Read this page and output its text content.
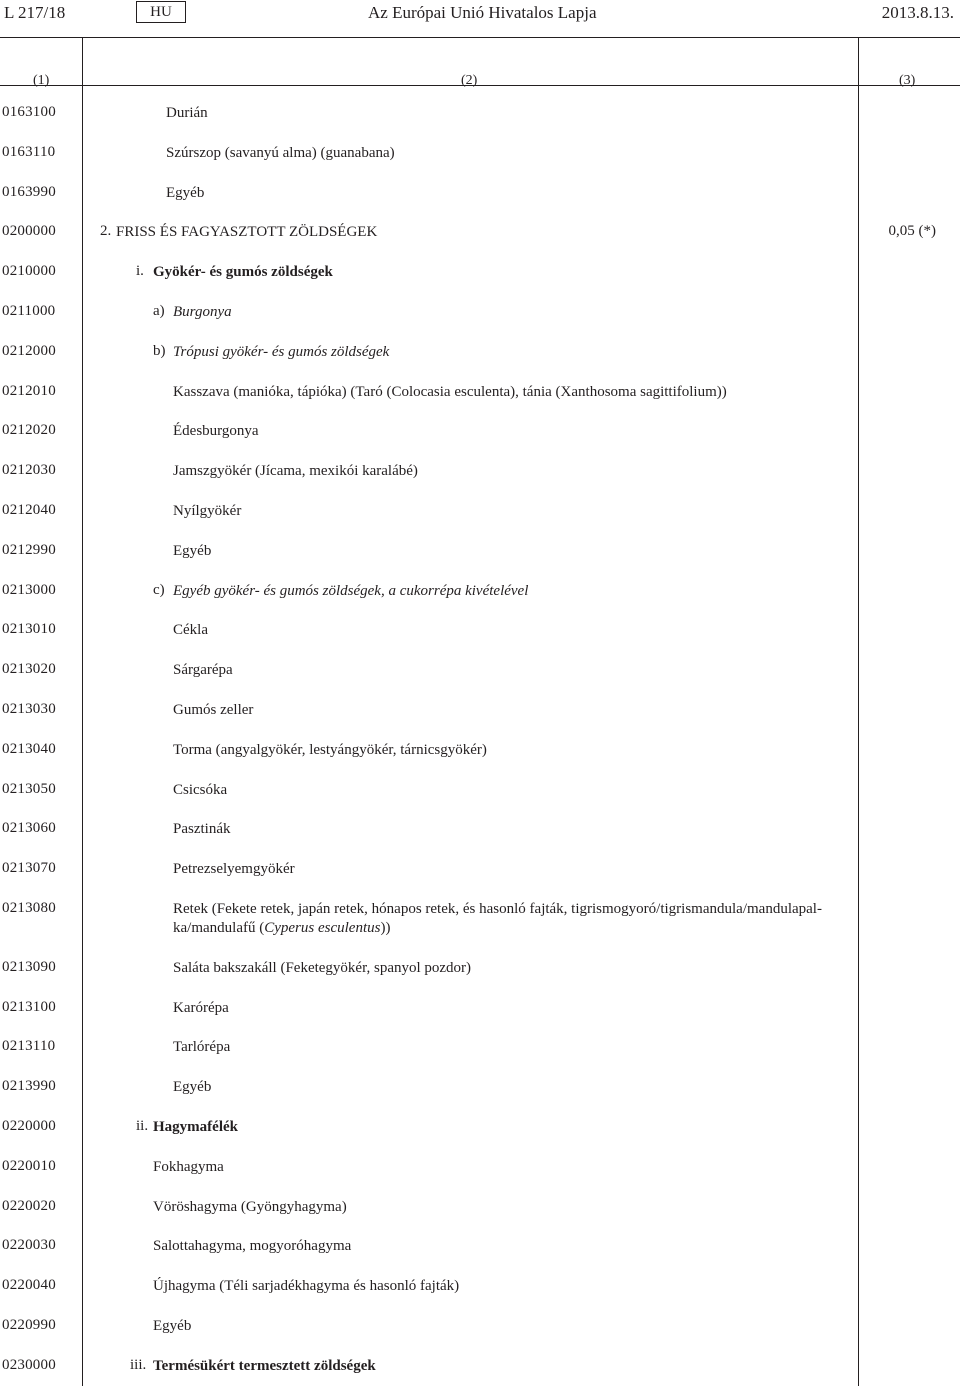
L 217/18	HU	Az Európai Unió Hivatalos Lapja	2013.8.13.
(1)	(2)	(3)
0163100	Durián
0163110	Szúrszop (savanyú alma) (guanabana)
0163990	Egyéb
0200000	2. FRISS ÉS FAGYASZTOTT ZÖLDSÉGEK	0,05 (*)
0210000	i. Gyökér- és gumós zöldségek
0211000	a) Burgonya
0212000	b) Trópusi gyökér- és gumós zöldségek
0212010	Kasszava (manióka, tápióka) (Taró (Colocasia esculenta), tánia (Xanthosoma sagittifolium))
0212020	Édesburgonya
0212030	Jamszgyökér (Jícama, mexikói karalábé)
0212040	Nyílgyökér
0212990	Egyéb
0213000	c) Egyéb gyökér- és gumós zöldségek, a cukorrépa kivételével
0213010	Cékla
0213020	Sárgarépa
0213030	Gumós zeller
0213040	Torma (angyalgyökér, lestyángyökér, tárnicsgyökér)
0213050	Csicsóka
0213060	Pasztinák
0213070	Petrezselyemgyökér
0213080	Retek (Fekete retek, japán retek, hónapos retek, és hasonló fajták, tigrismogyoró/tigrismandula/mandulapal-
ka/mandulafű (Cyperus esculentus))
0213090	Saláta bakszakáll (Feketegyökér, spanyol pozdor)
0213100	Karórépa
0213110	Tarlórépa
0213990	Egyéb
0220000	ii. Hagymafélék
0220010	Fokhagyma
0220020	Vöröshagyma (Gyöngyhagyma)
0220030	Salottahagyma, mogyoróhagyma
0220040	Újhagyma (Téli sarjadékhagyma és hasonló fajták)
0220990	Egyéb
0230000	iii. Termésükért termesztett zöldségek
